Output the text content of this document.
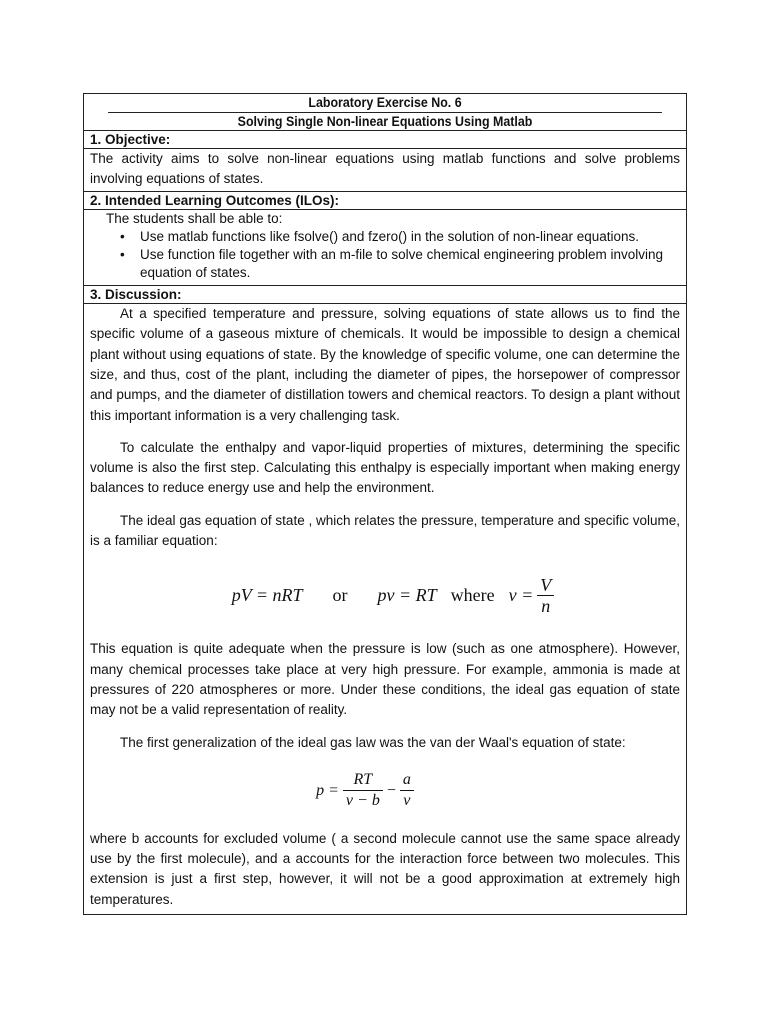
Laboratory Exercise No. 6
Solving Single Non-linear Equations Using Matlab
1. Objective:
The activity aims to solve non-linear equations using matlab functions and solve problems involving equations of states.
2. Intended Learning Outcomes (ILOs):
The students shall be able to:
• Use matlab functions like fsolve() and fzero() in the solution of non-linear equations.
• Use function file together with an m-file to solve chemical engineering problem involving equation of states.
3. Discussion:

At a specified temperature and pressure, solving equations of state allows us to find the specific volume of a gaseous mixture of chemicals. It would be impossible to design a chemical plant without using equations of state. By the knowledge of specific volume, one can determine the size, and thus, cost of the plant, including the diameter of pipes, the horsepower of compressor and pumps, and the diameter of distillation towers and chemical reactors. To design a plant without this important information is a very challenging task.

To calculate the enthalpy and vapor-liquid properties of mixtures, determining the specific volume is also the first step. Calculating this enthalpy is especially important when making energy balances to reduce energy use and help the environment.

The ideal gas equation of state , which relates the pressure, temperature and specific volume, is a familiar equation:

pV = nRT or pv = RT where $v = \frac{V}{n}$

This equation is quite adequate when the pressure is low (such as one atmosphere). However, many chemical processes take place at very high pressure. For example, ammonia is made at pressures of 220 atmospheres or more. Under these conditions, the ideal gas equation of state may not be a valid representation of reality.

The first generalization of the ideal gas law was the van der Waal's equation of state:

$p = \frac{RT}{v - b} - \frac{a}{v}$

where b accounts for excluded volume ( a second molecule cannot use the same space already use by the first molecule), and a accounts for the interaction force between two molecules. This extension is just a first step, however, it will not be a good approximation at extremely high temperatures.
